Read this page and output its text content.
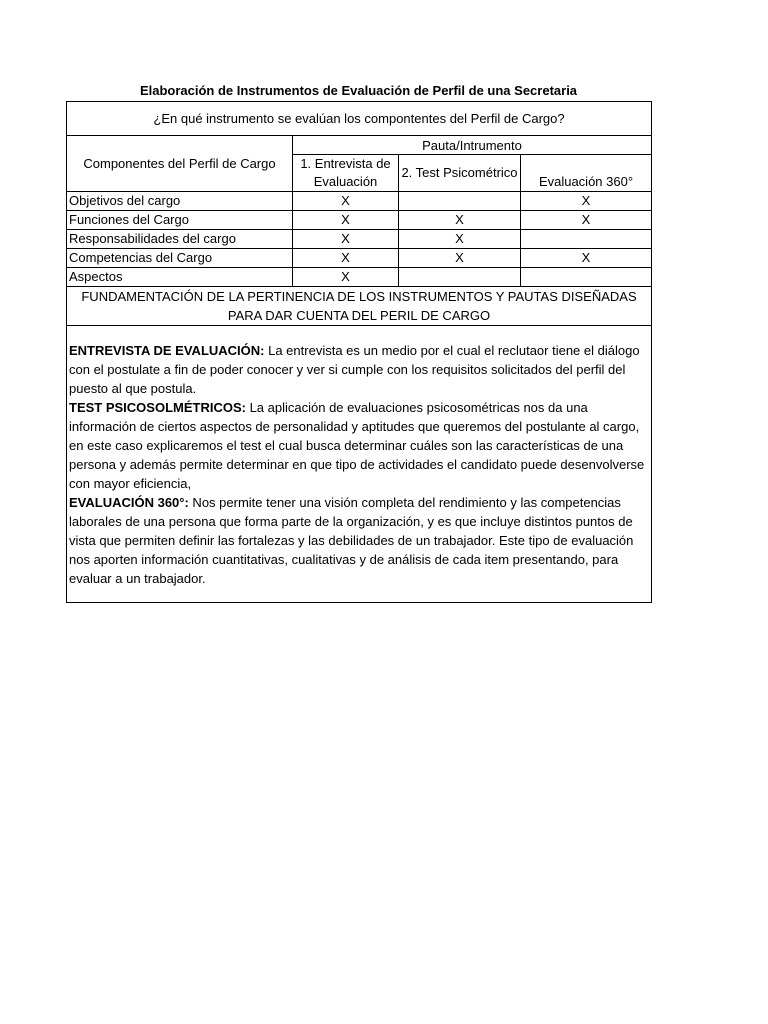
Elaboración de Instrumentos de Evaluación de Perfil de una Secretaria
¿En qué instrumento se evalúan los compontentes del Perfil de Cargo?			
Componentes del Perfil de Cargo	Pauta/Intrumento		
	1. Entrevista de Evaluación	2. Test Psicométrico	Evaluación 360°
Objetivos del cargo	X		X
Funciones del Cargo	X	X	X
Responsabilidades del cargo	X	X	
Competencias del Cargo	X	X	X
Aspectos	X		
FUNDAMENTACIÓN DE LA PERTINENCIA DE LOS INSTRUMENTOS Y PAUTAS DISEÑADAS PARA DAR CUENTA DEL PERIL DE CARGO			

ENTREVISTA DE EVALUACIÓN: La entrevista es un medio por el cual el reclutaor tiene el diálogo con el postulate a fin de poder conocer y ver si cumple con los requisitos solicitados del perfil del puesto al que postula.

TEST PSICOSOLMÉTRICOS: La aplicación de evaluaciones psicosométricas nos da una información de ciertos aspectos de personalidad y aptitudes que queremos del postulante al cargo, en este caso explicaremos el test el cual busca determinar cuáles son las características de una persona y además permite determinar en que tipo de actividades el candidato puede desenvolverse con mayor eficiencia,

EVALUACIÓN 360°: Nos permite tener una visión completa del rendimiento y las competencias laborales de una persona que forma parte de la organización, y es que incluye distintos puntos de vista que permiten definir las fortalezas y las debilidades de un trabajador. Este tipo de evaluación nos aporten información cuantitativas, cualitativas y de análisis de cada item presentando, para evaluar a un trabajador.			
